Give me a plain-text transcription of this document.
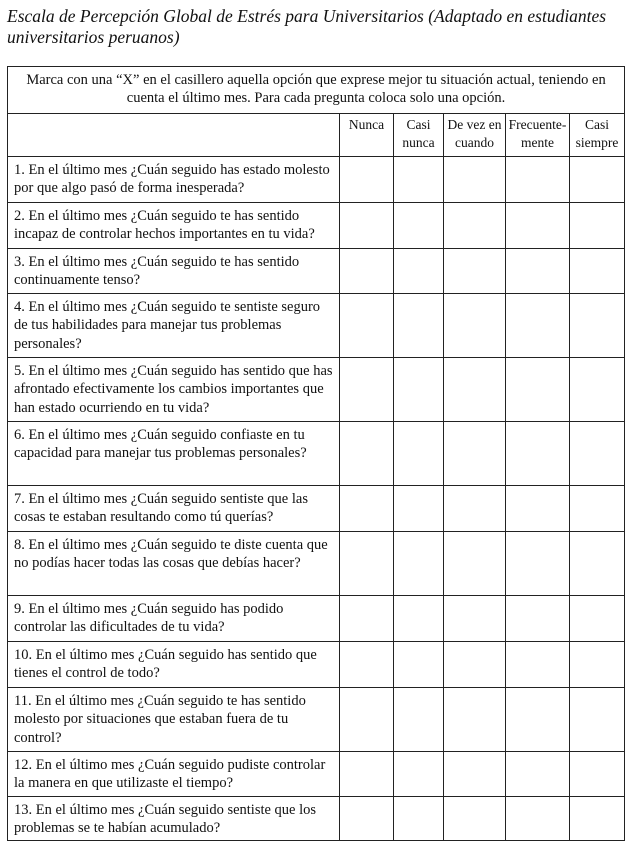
Escala de Percepción Global de Estrés para Universitarios (Adaptado en estudiantes universitarios peruanos)
Marca con una “X” en el casillero aquella opción que exprese mejor tu situación actual, teniendo en cuenta el último mes. Para cada pregunta coloca solo una opción.					
	Nunca	Casi nunca	De vez en cuando	Frecuente-mente	Casi siempre
1. En el último mes ¿Cuán seguido has estado molesto por que algo pasó de forma inesperada?					
2. En el último mes ¿Cuán seguido te has sentido incapaz de controlar hechos importantes en tu vida?					
3. En el último mes ¿Cuán seguido te has sentido continuamente tenso?					
4. En el último mes ¿Cuán seguido te sentiste seguro de tus habilidades para manejar tus problemas personales?					
5. En el último mes ¿Cuán seguido has sentido que has afrontado efectivamente los cambios importantes que han estado ocurriendo en tu vida?					
6. En el último mes ¿Cuán seguido confiaste en tu capacidad para manejar tus problemas personales?					
7. En el último mes ¿Cuán seguido sentiste que las cosas te estaban resultando como tú querías?					
8. En el último mes ¿Cuán seguido te diste cuenta que no podías hacer todas las cosas que debías hacer?					
9. En el último mes ¿Cuán seguido has podido controlar las dificultades de tu vida?					
10. En el último mes ¿Cuán seguido has sentido que tienes el control de todo?					
11. En el último mes ¿Cuán seguido te has sentido molesto por situaciones que estaban fuera de tu control?					
12. En el último mes ¿Cuán seguido pudiste controlar la manera en que utilizaste el tiempo?					
13. En el último mes ¿Cuán seguido sentiste que los problemas se te habían acumulado?					
